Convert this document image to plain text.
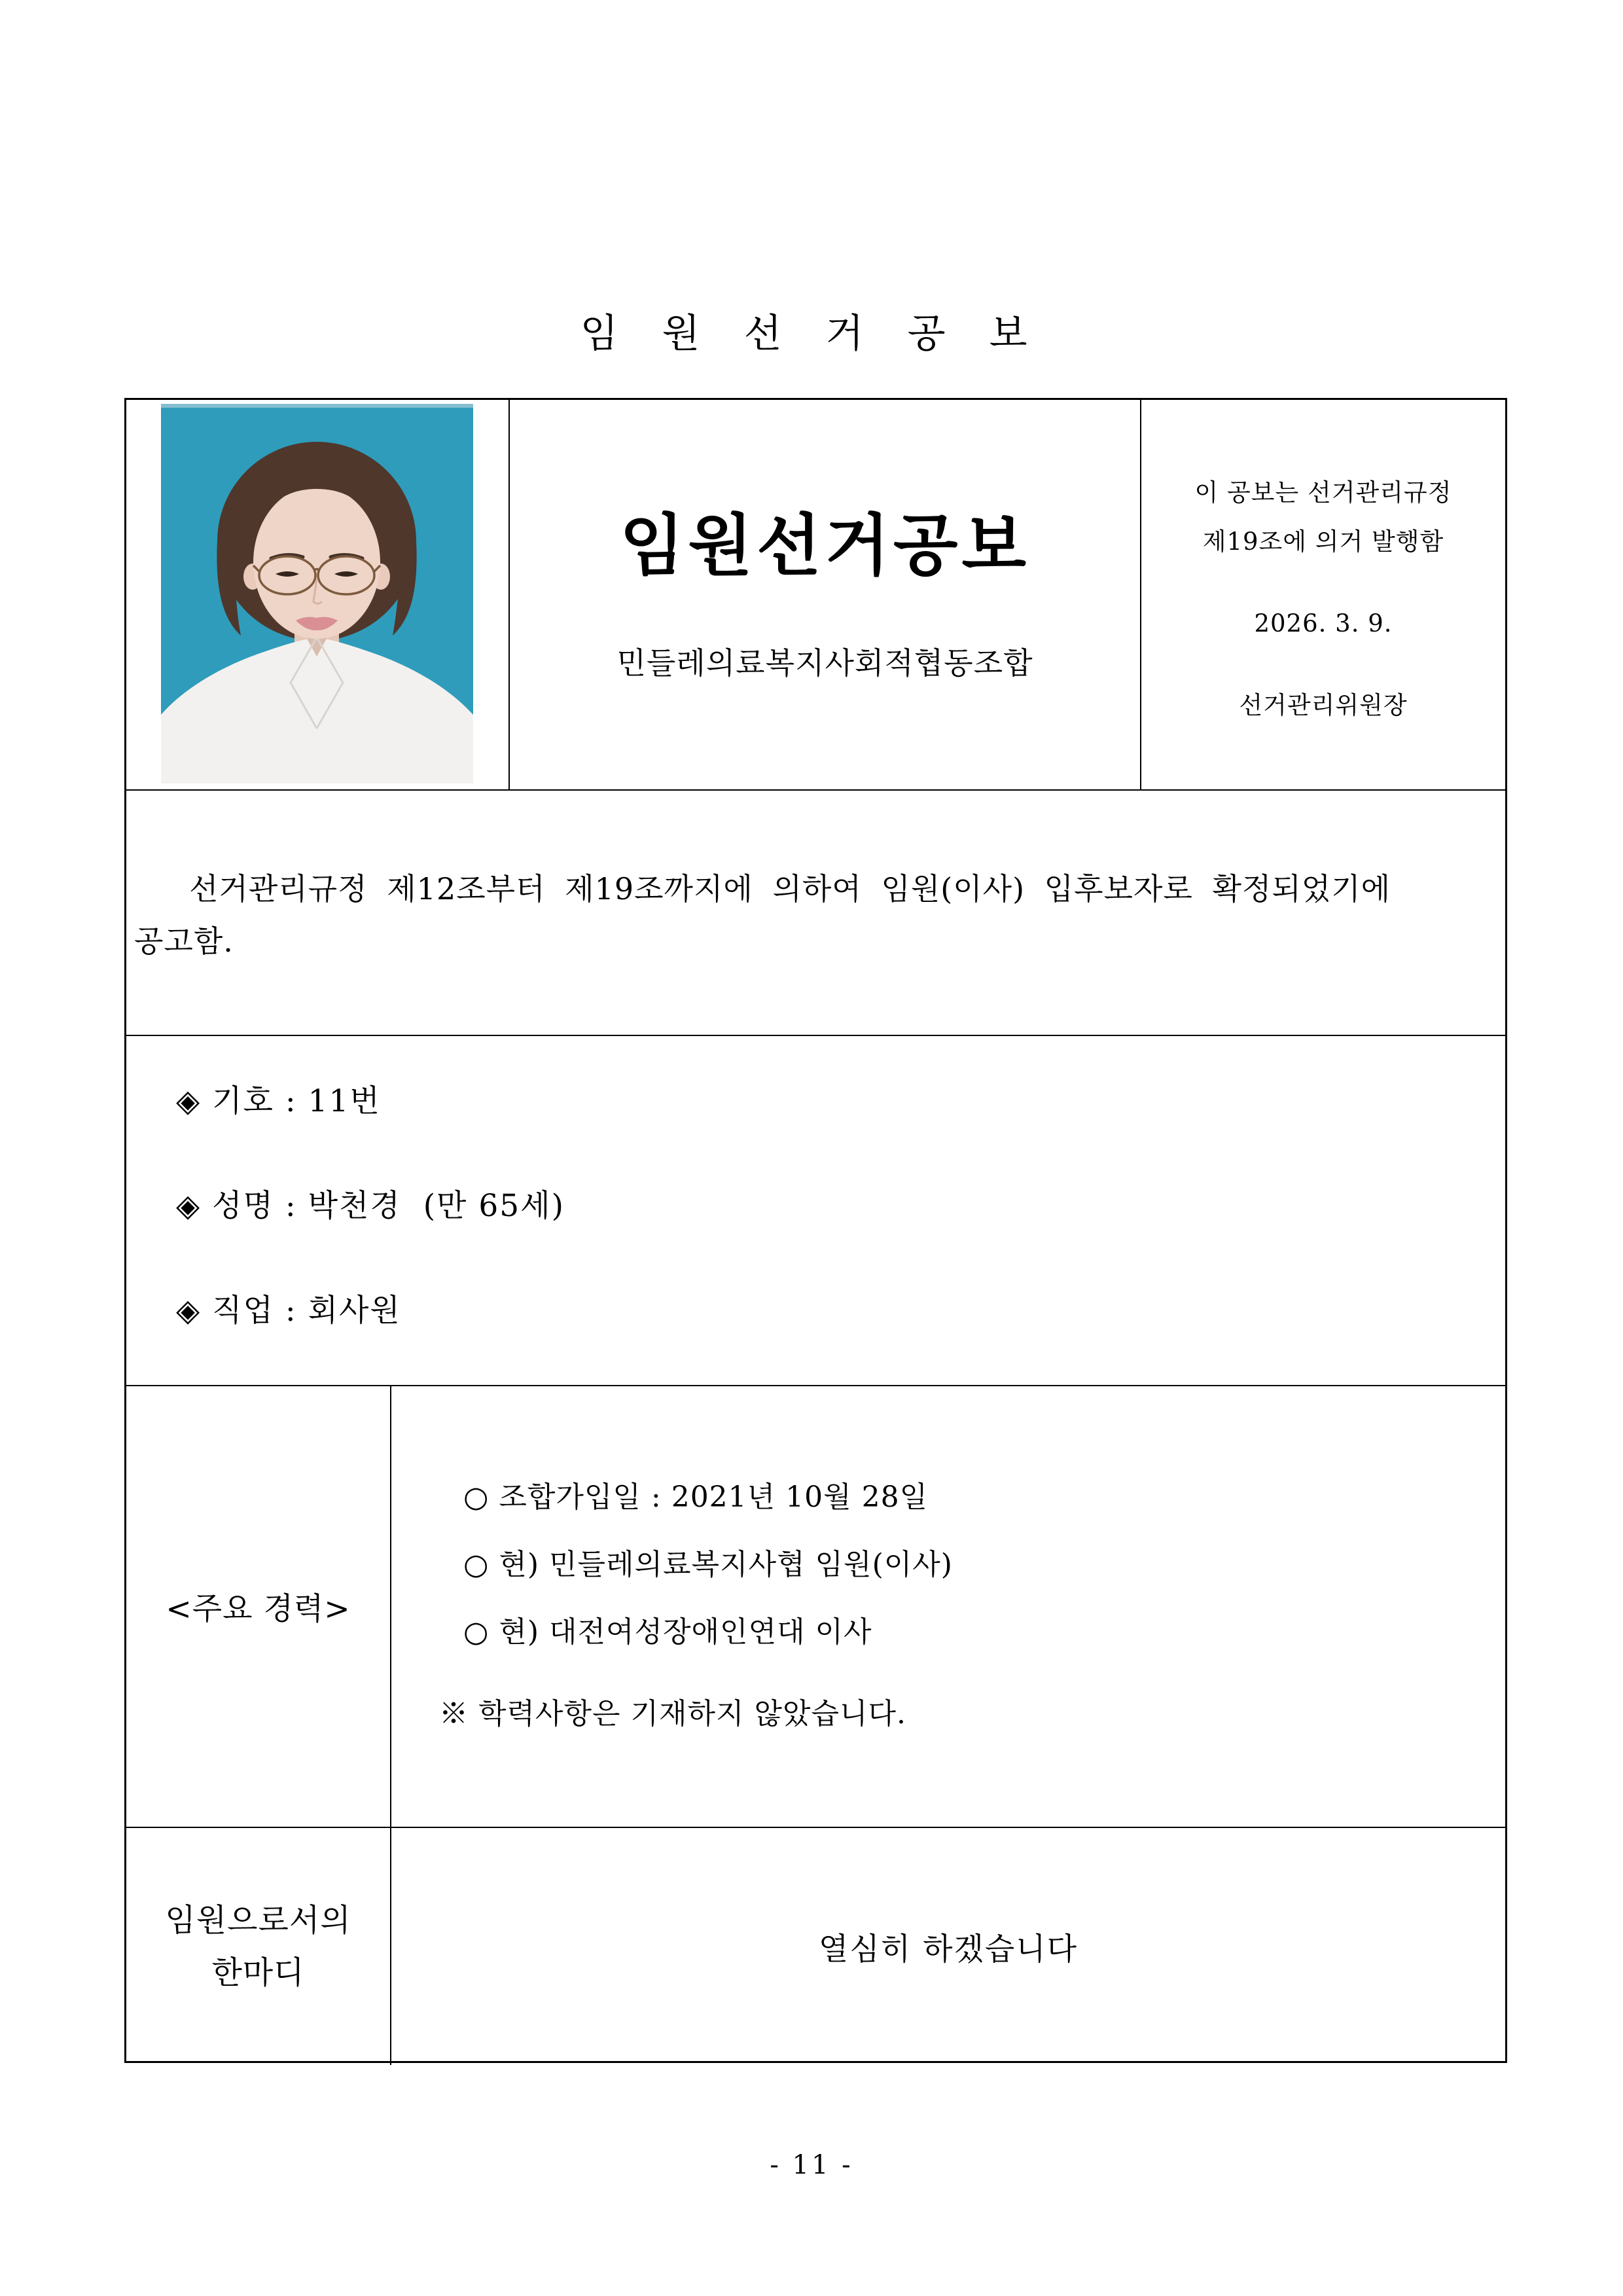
임 원 선 거 공 보
임원선거공보
민들레의료복지사회적협동조합
이 공보는 선거관리규정
제19조에 의거 발행함
2026. 3. 9.
선거관리위원장
선거관리규정 제12조부터 제19조까지에 의하여 임원(이사) 입후보자로 확정되었기에
공고함.
◈ 기호 : 11번
◈ 성명 : 박천경  (만 65세)
◈ 직업 : 회사원
<주요 경력>
○ 조합가입일 : 2021년 10월 28일
○ 현) 민들레의료복지사협 임원(이사)
○ 현) 대전여성장애인연대 이사
※ 학력사항은 기재하지 않았습니다.
임원으로서의
한마디
열심히 하겠습니다
- 11 -
